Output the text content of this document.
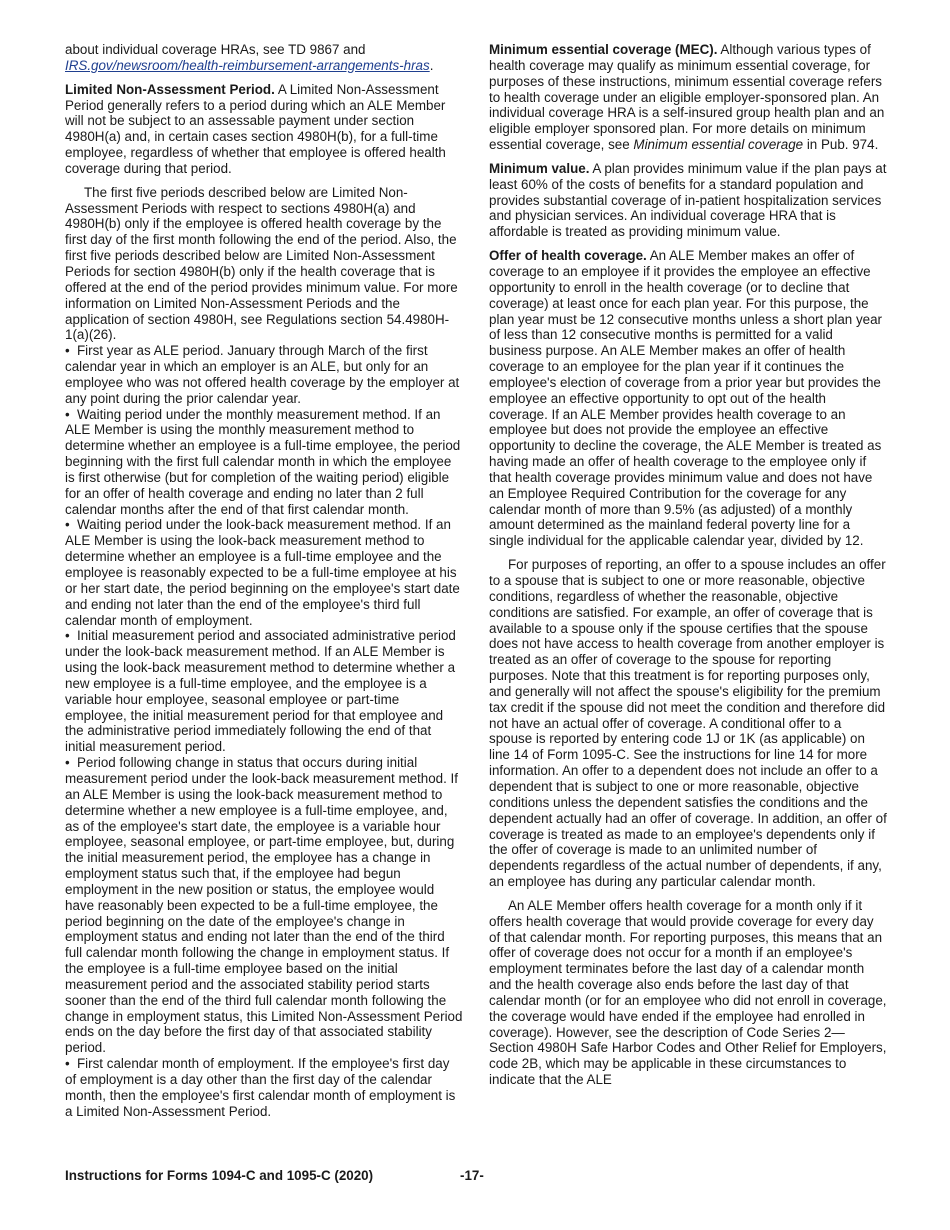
about individual coverage HRAs, see TD 9867 and IRS.gov/newsroom/health-reimbursement-arrangements-hras.

Limited Non-Assessment Period. A Limited Non-Assessment Period generally refers to a period during which an ALE Member will not be subject to an assessable payment under section 4980H(a) and, in certain cases section 4980H(b), for a full-time employee, regardless of whether that employee is offered health coverage during that period.

The first five periods described below are Limited Non-Assessment Periods with respect to sections 4980H(a) and 4980H(b) only if the employee is offered health coverage by the first day of the first month following the end of the period. Also, the first five periods described below are Limited Non-Assessment Periods for section 4980H(b) only if the health coverage that is offered at the end of the period provides minimum value. For more information on Limited Non-Assessment Periods and the application of section 4980H, see Regulations section 54.4980H-1(a)(26).

• First year as ALE period. January through March of the first calendar year in which an employer is an ALE, but only for an employee who was not offered health coverage by the employer at any point during the prior calendar year.

• Waiting period under the monthly measurement method. If an ALE Member is using the monthly measurement method to determine whether an employee is a full-time employee, the period beginning with the first full calendar month in which the employee is first otherwise (but for completion of the waiting period) eligible for an offer of health coverage and ending no later than 2 full calendar months after the end of that first calendar month.

• Waiting period under the look-back measurement method. If an ALE Member is using the look-back measurement method to determine whether an employee is a full-time employee and the employee is reasonably expected to be a full-time employee at his or her start date, the period beginning on the employee's start date and ending not later than the end of the employee's third full calendar month of employment.

• Initial measurement period and associated administrative period under the look-back measurement method. If an ALE Member is using the look-back measurement method to determine whether a new employee is a full-time employee, and the employee is a variable hour employee, seasonal employee or part-time employee, the initial measurement period for that employee and the administrative period immediately following the end of that initial measurement period.

• Period following change in status that occurs during initial measurement period under the look-back measurement method. If an ALE Member is using the look-back measurement method to determine whether a new employee is a full-time employee, and, as of the employee's start date, the employee is a variable hour employee, seasonal employee, or part-time employee, but, during the initial measurement period, the employee has a change in employment status such that, if the employee had begun employment in the new position or status, the employee would have reasonably been expected to be a full-time employee, the period beginning on the date of the employee's change in employment status and ending not later than the end of the third full calendar month following the change in employment status. If the employee is a full-time employee based on the initial measurement period and the associated stability period starts sooner than the end of the third full calendar month following the change in employment status, this Limited Non-Assessment Period ends on the day before the first day of that associated stability period.

• First calendar month of employment. If the employee's first day of employment is a day other than the first day of the calendar month, then the employee's first calendar month of employment is a Limited Non-Assessment Period.

Minimum essential coverage (MEC). Although various types of health coverage may qualify as minimum essential coverage, for purposes of these instructions, minimum essential coverage refers to health coverage under an eligible employer-sponsored plan. An individual coverage HRA is a self-insured group health plan and an eligible employer sponsored plan. For more details on minimum essential coverage, see Minimum essential coverage in Pub. 974.

Minimum value. A plan provides minimum value if the plan pays at least 60% of the costs of benefits for a standard population and provides substantial coverage of in-patient hospitalization services and physician services. An individual coverage HRA that is affordable is treated as providing minimum value.

Offer of health coverage. An ALE Member makes an offer of coverage to an employee if it provides the employee an effective opportunity to enroll in the health coverage (or to decline that coverage) at least once for each plan year. For this purpose, the plan year must be 12 consecutive months unless a short plan year of less than 12 consecutive months is permitted for a valid business purpose. An ALE Member makes an offer of health coverage to an employee for the plan year if it continues the employee's election of coverage from a prior year but provides the employee an effective opportunity to opt out of the health coverage. If an ALE Member provides health coverage to an employee but does not provide the employee an effective opportunity to decline the coverage, the ALE Member is treated as having made an offer of health coverage to the employee only if that health coverage provides minimum value and does not have an Employee Required Contribution for the coverage for any calendar month of more than 9.5% (as adjusted) of a monthly amount determined as the mainland federal poverty line for a single individual for the applicable calendar year, divided by 12.

For purposes of reporting, an offer to a spouse includes an offer to a spouse that is subject to one or more reasonable, objective conditions, regardless of whether the reasonable, objective conditions are satisfied. For example, an offer of coverage that is available to a spouse only if the spouse certifies that the spouse does not have access to health coverage from another employer is treated as an offer of coverage to the spouse for reporting purposes. Note that this treatment is for reporting purposes only, and generally will not affect the spouse's eligibility for the premium tax credit if the spouse did not meet the condition and therefore did not have an actual offer of coverage. A conditional offer to a spouse is reported by entering code 1J or 1K (as applicable) on line 14 of Form 1095-C. See the instructions for line 14 for more information. An offer to a dependent does not include an offer to a dependent that is subject to one or more reasonable, objective conditions unless the dependent satisfies the conditions and the dependent actually had an offer of coverage. In addition, an offer of coverage is treated as made to an employee's dependents only if the offer of coverage is made to an unlimited number of dependents regardless of the actual number of dependents, if any, an employee has during any particular calendar month.

An ALE Member offers health coverage for a month only if it offers health coverage that would provide coverage for every day of that calendar month. For reporting purposes, this means that an offer of coverage does not occur for a month if an employee's employment terminates before the last day of a calendar month and the health coverage also ends before the last day of that calendar month (or for an employee who did not enroll in coverage, the coverage would have ended if the employee had enrolled in coverage). However, see the description of Code Series 2—Section 4980H Safe Harbor Codes and Other Relief for Employers, code 2B, which may be applicable in these circumstances to indicate that the ALE

Instructions for Forms 1094-C and 1095-C (2020)	-17-
